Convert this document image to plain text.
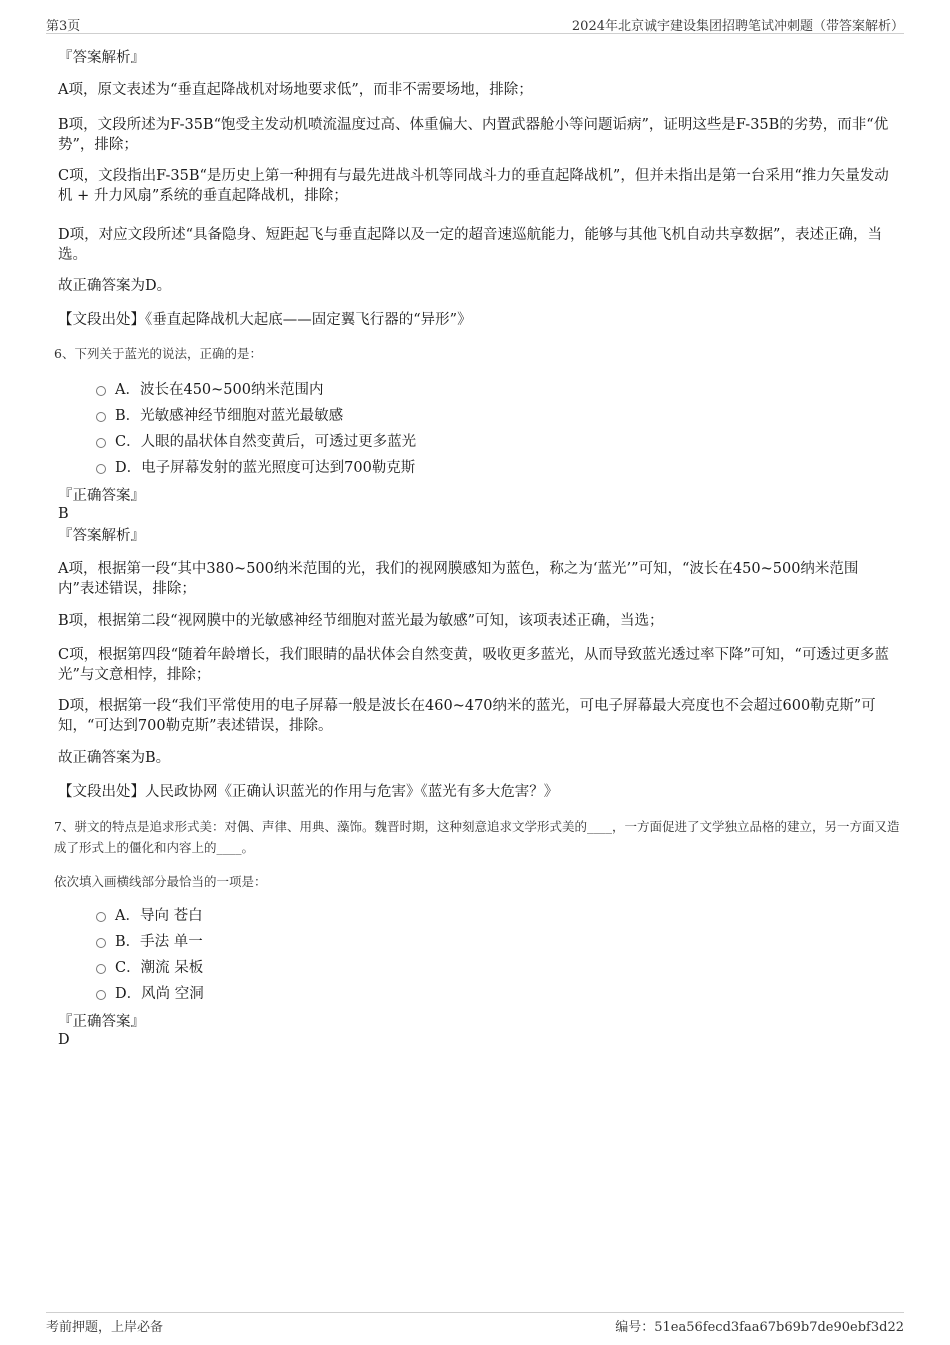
第3页	2024年北京诚宇建设集团招聘笔试冲刺题（带答案解析）

『答案解析』

A项，原文表述为“垂直起降战机对场地要求低”，而非不需要场地，排除；

B项，文段所述为F-35B“饱受主发动机喷流温度过高、体重偏大、内置武器舱小等问题诟病”，证明这些是F-35B的劣势，而非“优势”，排除；

C项，文段指出F-35B“是历史上第一种拥有与最先进战斗机等同战斗力的垂直起降战机”，但并未指出是第一台采用“推力矢量发动机 + 升力风扇”系统的垂直起降战机，排除；

D项，对应文段所述“具备隐身、短距起飞与垂直起降以及一定的超音速巡航能力，能够与其他飞机自动共享数据”，表述正确，当选。

故正确答案为D。

【文段出处】《垂直起降战机大起底——固定翼飞行器的“异形”》

6、下列关于蓝光的说法，正确的是：

A．波长在450~500纳米范围内
B．光敏感神经节细胞对蓝光最敏感
C．人眼的晶状体自然变黄后，可透过更多蓝光
D．电子屏幕发射的蓝光照度可达到700勒克斯

『正确答案』

B

『答案解析』

A项，根据第一段“其中380~500纳米范围的光，我们的视网膜感知为蓝色，称之为‘蓝光’”可知，“波长在450~500纳米范围内”表述错误，排除；

B项，根据第二段“视网膜中的光敏感神经节细胞对蓝光最为敏感”可知，该项表述正确，当选；

C项，根据第四段“随着年龄增长，我们眼睛的晶状体会自然变黄，吸收更多蓝光，从而导致蓝光透过率下降”可知，“可透过更多蓝光”与文意相悖，排除；

D项，根据第一段“我们平常使用的电子屏幕一般是波长在460~470纳米的蓝光，可电子屏幕最大亮度也不会超过600勒克斯”可知，“可达到700勒克斯”表述错误，排除。

故正确答案为B。

【文段出处】人民政协网《正确认识蓝光的作用与危害》《蓝光有多大危害？》

7、骈文的特点是追求形式美：对偶、声律、用典、藻饰。魏晋时期，这种刻意追求文学形式美的____，一方面促进了文学独立品格的建立，另一方面又造成了形式上的僵化和内容上的____。

依次填入画横线部分最恰当的一项是：

A．导向 苍白
B．手法 单一
C．潮流 呆板
D．风尚 空洞

『正确答案』

D

考前押题，上岸必备	编号：51ea56fecd3faa67b69b7de90ebf3d22
